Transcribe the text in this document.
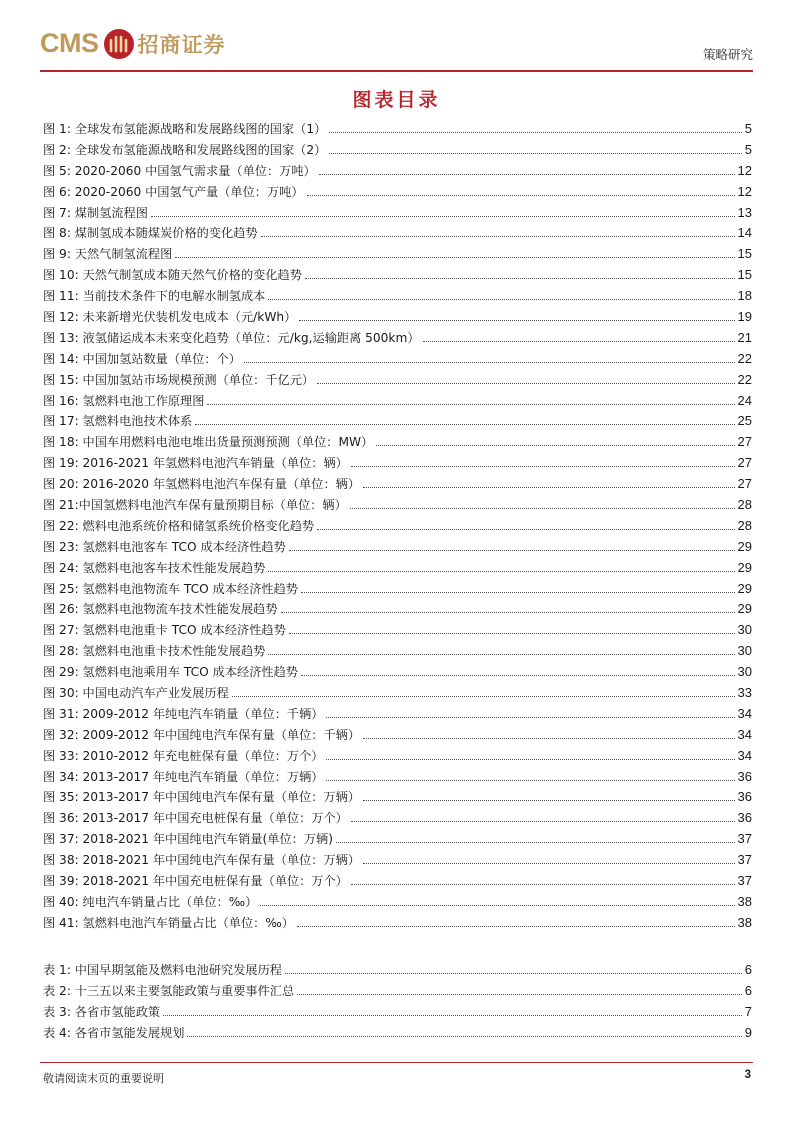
CMS 招商证券	策略研究
图表目录
图 1: 全球发布氢能源战略和发展路线图的国家（1）	5
图 2: 全球发布氢能源战略和发展路线图的国家（2）	5
图 5: 2020-2060 中国氢气需求量（单位：万吨）	12
图 6: 2020-2060 中国氢气产量（单位：万吨）	12
图 7: 煤制氢流程图	13
图 8: 煤制氢成本随煤炭价格的变化趋势	14
图 9: 天然气制氢流程图	15
图 10: 天然气制氢成本随天然气价格的变化趋势	15
图 11: 当前技术条件下的电解水制氢成本	18
图 12: 未来新增光伏装机发电成本（元/kWh）	19
图 13: 液氢储运成本未来变化趋势（单位：元/kg,运输距离 500km）	21
图 14: 中国加氢站数量（单位：个）	22
图 15: 中国加氢站市场规模预测（单位：千亿元）	22
图 16: 氢燃料电池工作原理图	24
图 17: 氢燃料电池技术体系	25
图 18: 中国车用燃料电池电堆出货量预测预测（单位：MW）	27
图 19: 2016-2021 年氢燃料电池汽车销量（单位：辆）	27
图 20: 2016-2020 年氢燃料电池汽车保有量（单位：辆）	27
图 21:中国氢燃料电池汽车保有量预期目标（单位：辆）	28
图 22: 燃料电池系统价格和储氢系统价格变化趋势	28
图 23: 氢燃料电池客车 TCO 成本经济性趋势	29
图 24: 氢燃料电池客车技术性能发展趋势	29
图 25: 氢燃料电池物流车 TCO 成本经济性趋势	29
图 26: 氢燃料电池物流车技术性能发展趋势	29
图 27: 氢燃料电池重卡 TCO 成本经济性趋势	30
图 28: 氢燃料电池重卡技术性能发展趋势	30
图 29: 氢燃料电池乘用车 TCO 成本经济性趋势	30
图 30: 中国电动汽车产业发展历程	33
图 31: 2009-2012 年纯电汽车销量（单位：千辆）	34
图 32: 2009-2012 年中国纯电汽车保有量（单位：千辆）	34
图 33: 2010-2012 年充电桩保有量（单位：万个）	34
图 34: 2013-2017 年纯电汽车销量（单位：万辆）	36
图 35: 2013-2017 年中国纯电汽车保有量（单位：万辆）	36
图 36: 2013-2017 年中国充电桩保有量（单位：万个）	36
图 37: 2018-2021 年中国纯电汽车销量(单位：万辆)	37
图 38: 2018-2021 年中国纯电汽车保有量（单位：万辆）	37
图 39: 2018-2021 年中国充电桩保有量（单位：万个）	37
图 40: 纯电汽车销量占比（单位：‰）	38
图 41: 氢燃料电池汽车销量占比（单位：‰）	38
表 1: 中国早期氢能及燃料电池研究发展历程	6
表 2: 十三五以来主要氢能政策与重要事件汇总	6
表 3: 各省市氢能政策	7
表 4: 各省市氢能发展规划	9
敬请阅读末页的重要说明	3
